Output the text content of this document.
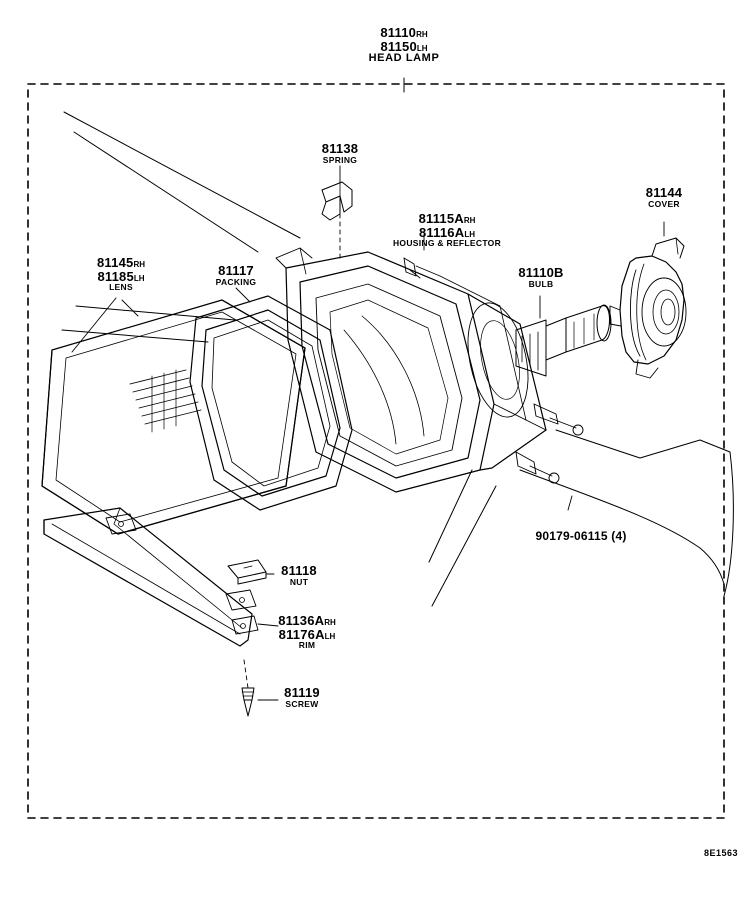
81110RH
81150LH
HEAD LAMP
81138
SPRING
81115ARH
81116ALH
HOUSING & REFLECTOR
81144
COVER
81110B
BULB
81145RH
81185LH
LENS
81117
PACKING
90179-06115 (4)
81118
NUT
81136ARH
81176ALH
RIM
81119
SCREW
8E1563
